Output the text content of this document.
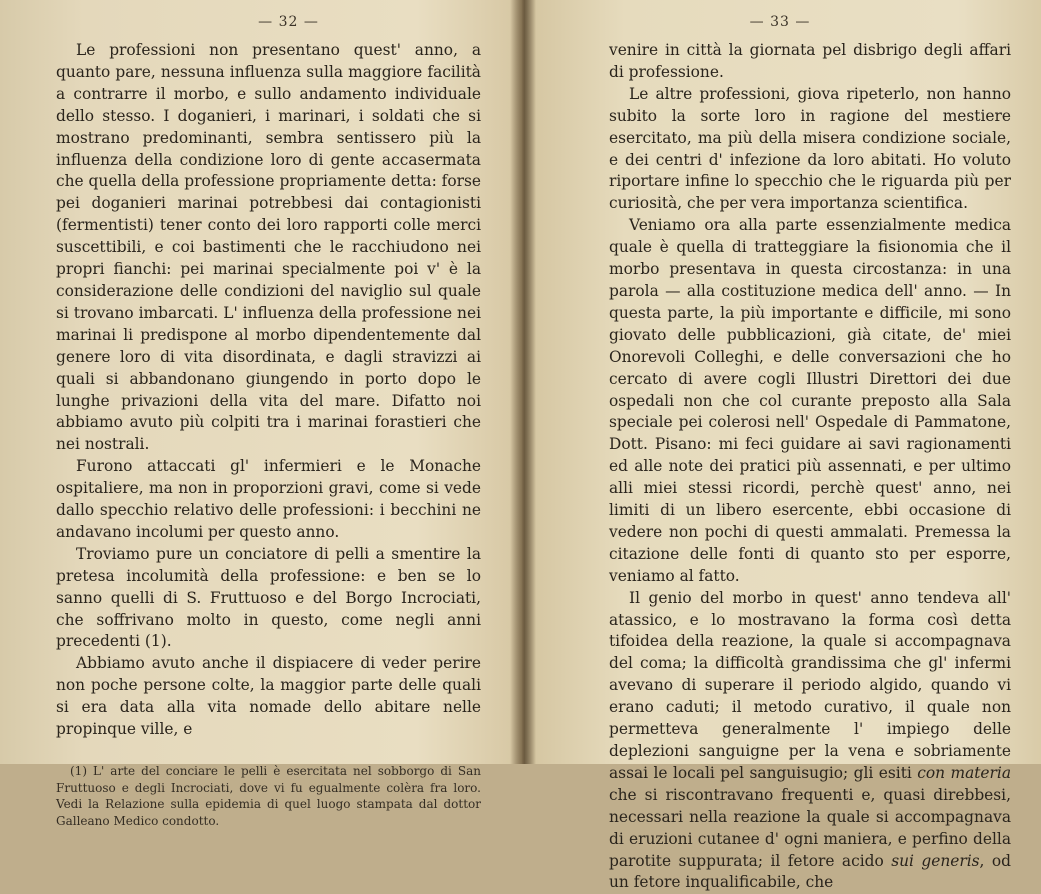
— 32 —

Le professioni non presentano quest' anno, a quanto pare, nessuna influenza sulla maggiore facilità a contrarre il morbo, e sullo andamento individuale dello stesso. I doganieri, i marinari, i soldati che si mostrano predominanti, sembra sentissero più la influenza della condizione loro di gente accasermata che quella della professione propriamente detta: forse pei doganieri marinai potrebbesi dai contagionisti (fermentisti) tener conto dei loro rapporti colle merci suscettibili, e coi bastimenti che le racchiudono nei propri fianchi: pei marinai specialmente poi v' è la considerazione delle condizioni del naviglio sul quale si trovano imbarcati. L' influenza della professione nei marinai li predispone al morbo dipendentemente dal genere loro di vita disordinata, e dagli stravizzi ai quali si abbandonano giungendo in porto dopo le lunghe privazioni della vita del mare. Difatto noi abbiamo avuto più colpiti tra i marinai forastieri che nei nostrali.

Furono attaccati gl' infermieri e le Monache ospitaliere, ma non in proporzioni gravi, come si vede dallo specchio relativo delle professioni: i becchini ne andavano incolumi per questo anno.

Troviamo pure un conciatore di pelli a smentire la pretesa incolumità della professione: e ben se lo sanno quelli di S. Fruttuoso e del Borgo Incrociati, che soffrivano molto in questo, come negli anni precedenti (1).

Abbiamo avuto anche il dispiacere di veder perire non poche persone colte, la maggior parte delle quali si era data alla vita nomade dello abitare nelle propinque ville, e

(1) L' arte del conciare le pelli è esercitata nel sobborgo di San Fruttuoso e degli Incrociati, dove vi fu egualmente colèra fra loro. Vedi la Relazione sulla epidemia di quel luogo stampata dal dottor Galleano Medico condotto.

— 33 —

venire in città la giornata pel disbrigo degli affari di professione.

Le altre professioni, giova ripeterlo, non hanno subito la sorte loro in ragione del mestiere esercitato, ma più della misera condizione sociale, e dei centri d' infezione da loro abitati. Ho voluto riportare infine lo specchio che le riguarda più per curiosità, che per vera importanza scientifica.

Veniamo ora alla parte essenzialmente medica quale è quella di tratteggiare la fisionomia che il morbo presentava in questa circostanza: in una parola — alla costituzione medica dell' anno. — In questa parte, la più importante e difficile, mi sono giovato delle pubblicazioni, già citate, de' miei Onorevoli Colleghi, e delle conversazioni che ho cercato di avere cogli Illustri Direttori dei due ospedali non che col curante preposto alla Sala speciale pei colerosi nell' Ospedale di Pammatone, Dott. Pisano: mi feci guidare ai savi ragionamenti ed alle note dei pratici più assennati, e per ultimo alli miei stessi ricordi, perchè quest' anno, nei limiti di un libero esercente, ebbi occasione di vedere non pochi di questi ammalati. Premessa la citazione delle fonti di quanto sto per esporre, veniamo al fatto.

Il genio del morbo in quest' anno tendeva all' atassico, e lo mostravano la forma così detta tifoidea della reazione, la quale si accompagnava del coma; la difficoltà grandissima che gl' infermi avevano di superare il periodo algido, quando vi erano caduti; il metodo curativo, il quale non permetteva generalmente l' impiego delle deplezioni sanguigne per la vena e sobriamente assai le locali pel sanguisugio; gli esiti con materia che si riscontravano frequenti e, quasi direbbesi, necessari nella reazione la quale si accompagnava di eruzioni cutanee d' ogni maniera, e perfino della parotite suppurata; il fetore acido sui generis, od un fetore inqualificabile, che
